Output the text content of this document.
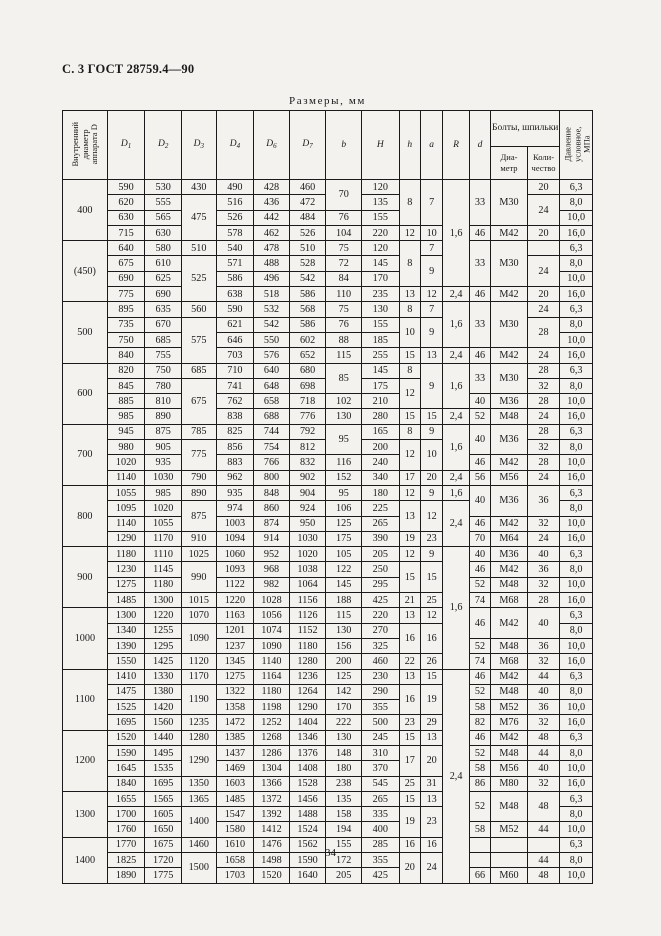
С. 3 ГОСТ 28759.4—90
Размеры, мм
Внутренний
диаметр
аппарата D	$D_1$	$D_2$	$D_3$	$D_4$	$D_6$	$D_7$	b	H	h	a	R	d	Болты, шпильки		Давление
условное,
МПа
													Диа-
метр	Коли-
чество	
400	590	530	430	490	428	460	70	120	8	7	1,6	33	M30	20	6,3
	620	555	475	516	436	472		135						24	8,0
	630	565		526	442	484	76	155							10,0
	715	630		578	462	526	104	220	12	10		46	M42	20	16,0
(450)	640	580	510	540	478	510	75	120	8	7		33	M30		6,3
	675	610	525	571	488	528	72	145		9				24	8,0
	690	625		586	496	542	84	170							10,0
	775	690		638	518	586	110	235	13	12	2,4	46	M42	20	16,0
500	895	635	560	590	532	568	75	130	8	7	1,6	33	M30	24	6,3
	735	670	575	621	542	586	76	155	10	9				28	8,0
	750	685		646	550	602	88	185							10,0
	840	755		703	576	652	115	255	15	13	2,4	46	M42	24	16,0
600	820	750	685	710	640	680	85	145	8	9	1,6	33	M30	28	6,3
	845	780	675	741	648	698		175	12					32	8,0
	885	810		762	658	718	102	210				40	M36	28	10,0
	985	890		838	688	776	130	280	15	15	2,4	52	M48	24	16,0
700	945	875	785	825	744	792	95	165	8	9	1,6	40	M36	28	6,3
	980	905	775	856	754	812		200	12	10				32	8,0
	1020	935		883	766	832	116	240				46	M42	28	10,0
	1140	1030	790	962	800	902	152	340	17	20	2,4	56	M56	24	16,0
800	1055	985	890	935	848	904	95	180	12	9	1,6	40	M36	36	6,3
	1095	1020	875	974	860	924	106	225	13	12	2,4				8,0
	1140	1055		1003	874	950	125	265				46	M42	32	10,0
	1290	1170	910	1094	914	1030	175	390	19	23		70	M64	24	16,0
900	1180	1110	1025	1060	952	1020	105	205	12	9	1,6	40	M36	40	6,3
	1230	1145	990	1093	968	1038	122	250	15	15		46	M42	36	8,0
	1275	1180		1122	982	1064	145	295				52	M48	32	10,0
	1485	1300	1015	1220	1028	1156	188	425	21	25		74	M68	28	16,0
1000	1300	1220	1070	1163	1056	1126	115	220	13	12		46	M42	40	6,3
	1340	1255	1090	1201	1074	1152	130	270	16	16					8,0
	1390	1295		1237	1090	1180	156	325				52	M48	36	10,0
	1550	1425	1120	1345	1140	1280	200	460	22	26		74	M68	32	16,0
1100	1410	1330	1170	1275	1164	1236	125	230	13	15	2,4	46	M42	44	6,3
	1475	1380	1190	1322	1180	1264	142	290	16	19		52	M48	40	8,0
	1525	1420		1358	1198	1290	170	355				58	M52	36	10,0
	1695	1560	1235	1472	1252	1404	222	500	23	29		82	M76	32	16,0
1200	1520	1440	1280	1385	1268	1346	130	245	15	13		46	M42	48	6,3
	1590	1495	1290	1437	1286	1376	148	310	17	20		52	M48	44	8,0
	1645	1535		1469	1304	1408	180	370				58	M56	40	10,0
	1840	1695	1350	1603	1366	1528	238	545	25	31		86	M80	32	16,0
1300	1655	1565	1365	1485	1372	1456	135	265	15	13		52	M48	48	6,3
	1700	1605	1400	1547	1392	1488	158	335	19	23					8,0
	1760	1650		1580	1412	1524	194	400				58	M52	44	10,0
1400	1770	1675	1460	1610	1476	1562	155	285	16	16					6,3
	1825	1720	1500	1658	1498	1590	172	355	20	24				44	8,0
	1890	1775		1703	1520	1640	205	425				66	M60	48	10,0
34
